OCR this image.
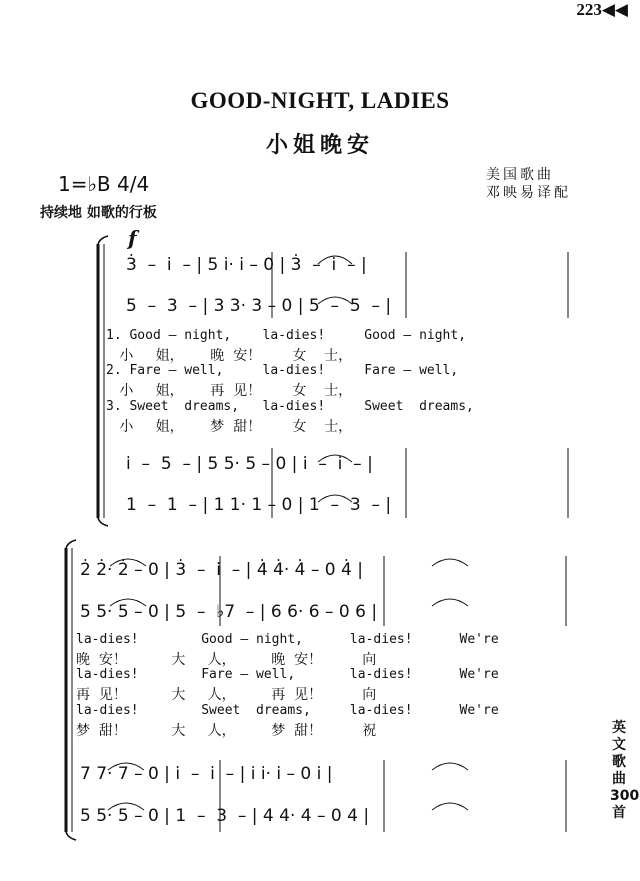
223◀◀
GOOD-NIGHT, LADIES
小姐晚安
1=♭B 4/4	美国歌曲
邓映易译配
持续地 如歌的行板
f
3̇  –  i̇  – | 5 i̇· i̇ – 0 | 3̇  –  i̇  – |
5  –  3  – | 3 3· 3 – 0 | 5  –  5  – |
1. Good – night,    la-dies!     Good – night,
小     姐，      晚  安！       女    士，
2. Fare – well,     la-dies!     Fare – well,
小     姐，      再  见！       女    士，
3. Sweet  dreams,   la-dies!     Sweet  dreams,
小     姐，      梦  甜！       女    士，
i̇  –  5  – | 5 5· 5 – 0 | i̇  –  i̇  – |
1  –  1  – | 1 1· 1 – 0 | 1  –  3  – |
2̇ 2̇· 2̇ – 0 | 3̇  –  i̇  – | 4̇ 4̇· 4̇ – 0 4̇ |
5 5· 5 – 0 | 5  –  ♭7  – | 6 6· 6 – 0 6 |
la-dies!        Good – night,      la-dies!      We're
晚  安！          大     人，        晚  安！         向
la-dies!        Fare – well,       la-dies!      We're
再  见！          大     人，        再  见！         向
la-dies!        Sweet  dreams,     la-dies!      We're
梦  甜！          大     人，        梦  甜！         祝
7 7· 7 – 0 | i̇  –  i̇  – | i̇ i̇· i̇ – 0 i̇ |
5 5· 5 – 0 | 1  –  3  – | 4 4· 4 – 0 4 |
英文歌曲 300首
